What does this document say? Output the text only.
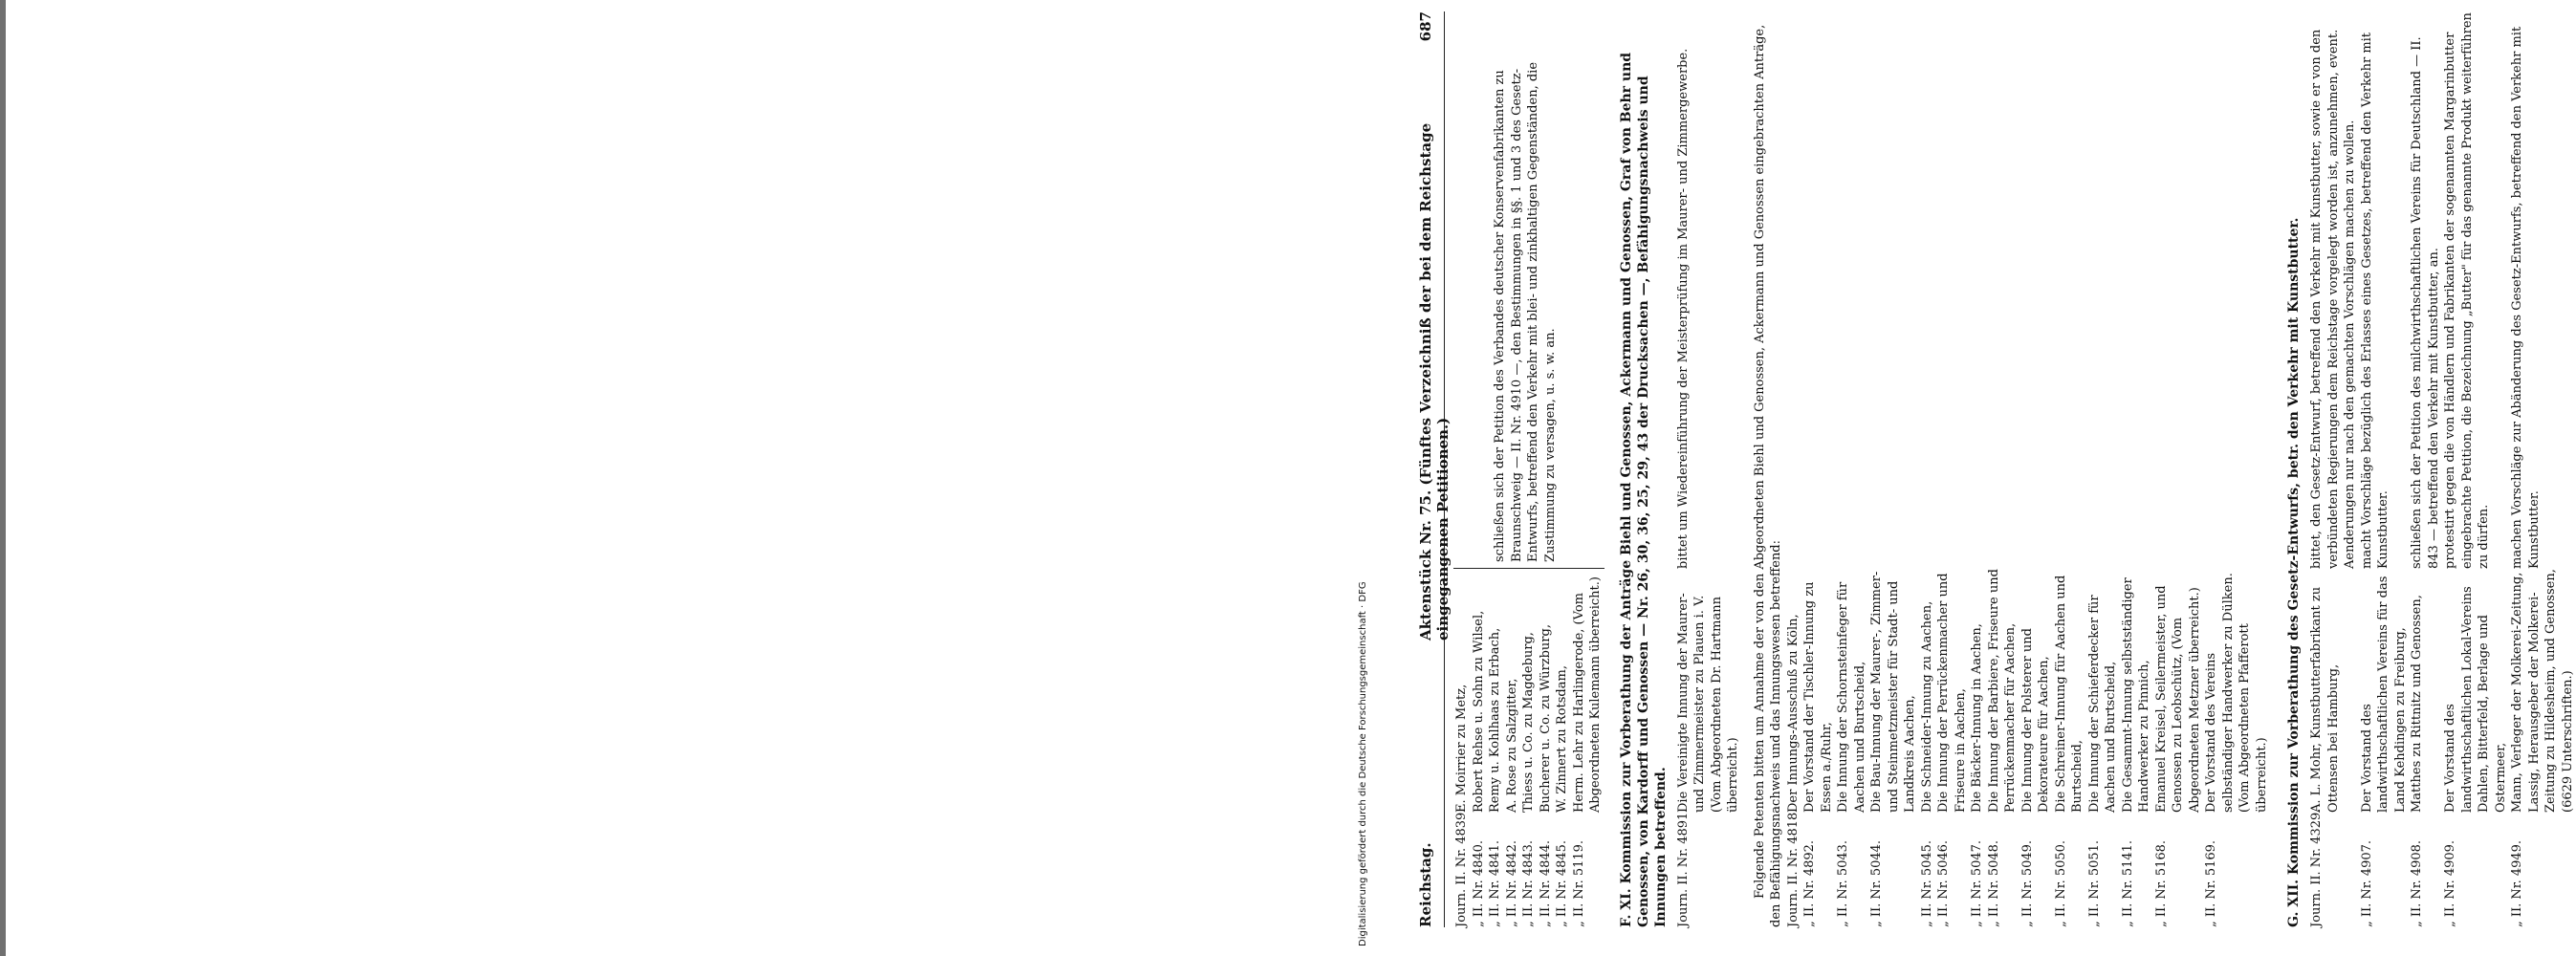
Reichstag.
Aktenstück Nr. 75. (Fünftes Verzeichniß der bei dem Reichstage eingegangenen Petitionen.)
687
Journ. II. Nr. 4839.
E. Moirrier zu Metz,
„ II. Nr. 4840.
Robert Rehse u. Sohn zu Wilsel,
„ II. Nr. 4841.
Remy u. Kohlhaas zu Erbach,
„ II. Nr. 4842.
A. Rose zu Salzgitter,
„ II. Nr. 4843.
Thiess u. Co. zu Magdeburg,
„ II. Nr. 4844.
Bucherer u. Co. zu Würzburg,
„ II. Nr. 4845.
W. Zinnert zu Rotsdam,
„ II. Nr. 5119.
Herm. Lehr zu Harlingerode, (Vom Abgeordneten Kulemann überreicht.)
schließen sich der Petition des Verbandes deutscher Konservenfabrikanten zu Braunschweig — II. Nr. 4910 —, den Bestimmungen in §§. 1 und 3 des Gesetz-Entwurfs, betreffend den Verkehr mit blei- und zinkhaltigen Gegenständen, die Zustimmung zu versagen, u. s. w. an.	F. XI. Kommission zur Vorberathung der Anträge Biehl und Genossen, Ackermann und Genossen, Graf von Behr und Genossen, von Kardorff und Genossen — Nr. 26, 30, 36, 25, 29, 43 der Drucksachen —, Befähigungsnachweis und Innungen betreffend. Journ. II. Nr. 4891.
Die Vereinigte Innung der Maurer- und Zimmermeister zu Plauen i. V. (Vom Abgeordneten Dr. Hartmann überreicht.)
bittet um Wiedereinführung der Meisterprüfung im Maurer- und Zimmergewerbe.	Folgende Petenten bitten um Annahme der von den Abgeordneten Biehl und Genossen, Ackermann und Genossen eingebrachten Anträge, den Befähigungsnachweis und das Innungswesen betreffend: Journ. II. Nr. 4818.
Der Innungs-Ausschuß zu Köln,
„ II. Nr. 4892.
Der Vorstand der Tischler-Innung zu Essen a./Ruhr,
„ II. Nr. 5043.
Die Innung der Schornsteinfeger für Aachen und Burtscheid,
„ II. Nr. 5044.
Die Bau-Innung der Maurer-, Zimmer- und Steinmetzmeister für Stadt- und Landkreis Aachen,
„ II. Nr. 5045.
Die Schneider-Innung zu Aachen,
„ II. Nr. 5046.
Die Innung der Perrückenmacher und Friseure in Aachen,
„ II. Nr. 5047.
Die Bäcker-Innung in Aachen,
„ II. Nr. 5048.
Die Innung der Barbiere, Friseure und Perrückenmacher für Aachen,
„ II. Nr. 5049.
Die Innung der Polsterer und Dekorateure für Aachen,
„ II. Nr. 5050.
Die Schreiner-Innung für Aachen und Burtscheid,
„ II. Nr. 5051.
Die Innung der Schieferdecker für Aachen und Burtscheid,
„ II. Nr. 5141.
Die Gesammt-Innung selbstständiger Handwerker zu Pinnich,
„ II. Nr. 5168.
Emanuel Kreisel, Seilermeister, und Genossen zu Leobschütz, (Vom Abgeordneten Metzner überreicht.)
„ II. Nr. 5169.
Der Vorstand des Vereins selbständiger Handwerker zu Dülken. (Vom Abgeordneten Pfafferott überreicht.) G. XII. Kommission zur Vorberathung des Gesetz-Entwurfs, betr. den Verkehr mit Kunstbutter. Journ. II. Nr. 4329.
A. L. Mohr, Kunstbutterfabrikant zu Ottensen bei Hamburg,
bittet, den Gesetz-Entwurf, betreffend den Verkehr mit Kunstbutter, sowie er von den verbündeten Regierungen dem Reichstage vorgelegt worden ist, anzunehmen, event. Aenderungen nur nach den gemachten Vorschlägen machen zu wollen.
„ II. Nr. 4907.
Der Vorstand des landwirthschaftlichen Vereins für das Land Kehdingen zu Freiburg,
macht Vorschläge bezüglich des Erlasses eines Gesetzes, betreffend den Verkehr mit Kunstbutter.
„ II. Nr. 4908.
Matthes zu Rittnitz und Genossen,
schließen sich der Petition des milchwirthschaftlichen Vereins für Deutschland — II. 843 — betreffend den Verkehr mit Kunstbutter, an.
„ II. Nr. 4909.
Der Vorstand des landwirthschaftlichen Lokal-Vereins Dahlen, Bitterfeld, Berlage und Ostermeer,
protestirt gegen die von Händlern und Fabrikanten der sogenannten Margarinbutter eingebrachte Petition, die Bezeichnung „Butter" für das genannte Produkt weiterführen zu dürfen.
„ II. Nr. 4949.
Mann, Verleger der Molkerei-Zeitung, Lassig, Herausgeber der Molkerei-Zeitung zu Hildesheim, und Genossen, (6629 Unterschriften.)
machen Vorschläge zur Abänderung des Gesetz-Entwurfs, betreffend den Verkehr mit Kunstbutter.
Digitalisierung gefördert durch die Deutsche Forschungsgemeinschaft · DFG
